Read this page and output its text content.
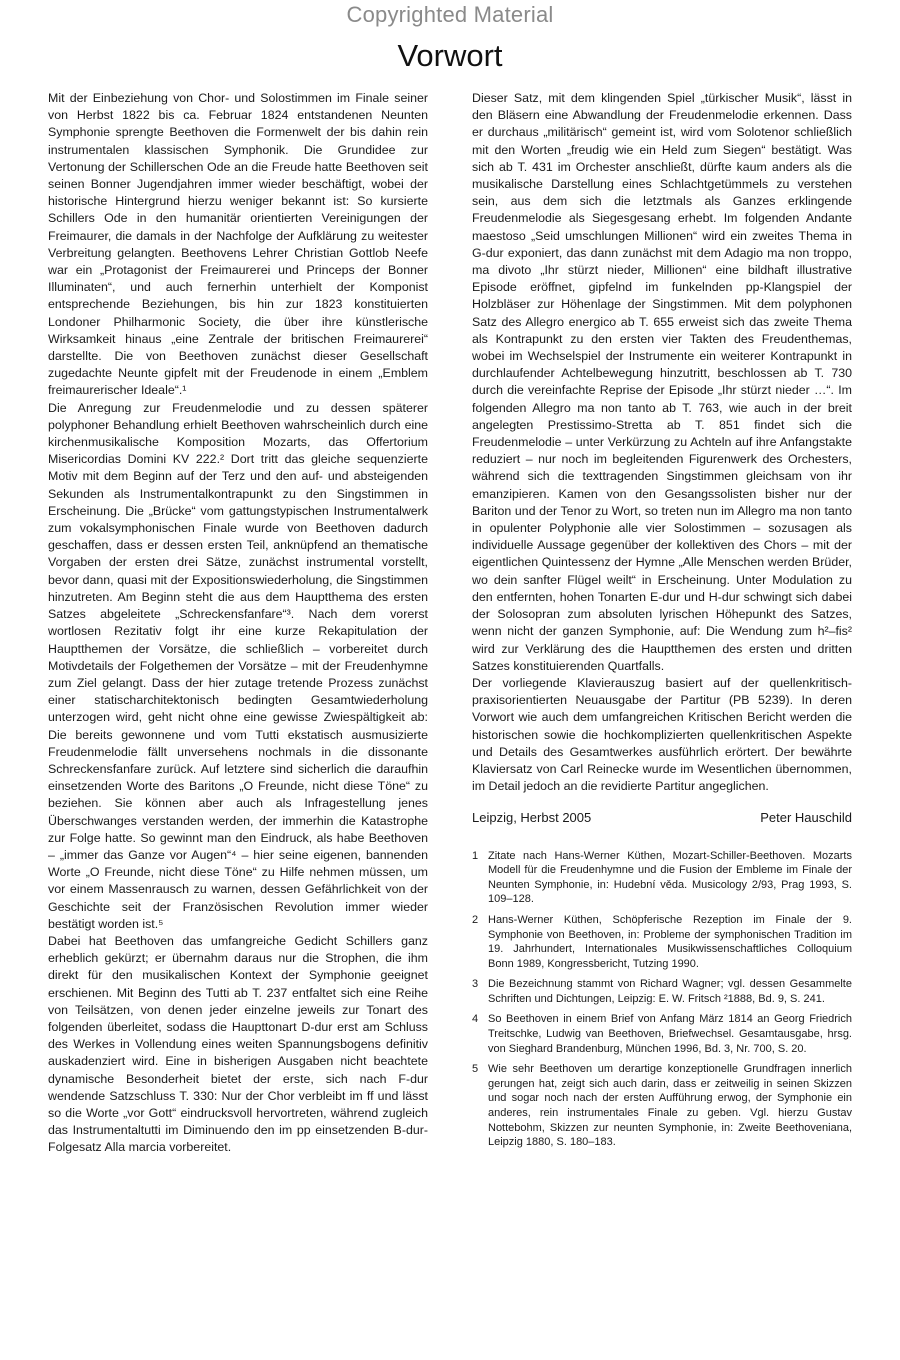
Copyrighted Material
Vorwort

Mit der Einbeziehung von Chor- und Solostimmen im Finale seiner von Herbst 1822 bis ca. Februar 1824 entstandenen Neunten Symphonie sprengte Beethoven die Formenwelt der bis dahin rein instrumentalen klassischen Symphonik. Die Grundidee zur Vertonung der Schillerschen Ode an die Freude hatte Beethoven seit seinen Bonner Jugendjahren immer wieder beschäftigt, wobei der historische Hintergrund hierzu weniger bekannt ist: So kursierte Schillers Ode in den humanitär orientierten Vereinigungen der Freimaurer, die damals in der Nachfolge der Aufklärung zu weitester Verbreitung gelangten. Beethovens Lehrer Christian Gottlob Neefe war ein „Protagonist der Freimaurerei und Princeps der Bonner Illuminaten“, und auch fernerhin unterhielt der Komponist entsprechende Beziehungen, bis hin zur 1823 konstituierten Londoner Philharmonic Society, die über ihre künstlerische Wirksamkeit hinaus „eine Zentrale der britischen Freimaurerei“ darstellte. Die von Beethoven zunächst dieser Gesellschaft zugedachte Neunte gipfelt mit der Freudenode in einem „Emblem freimaurerischer Ideale“.¹

Die Anregung zur Freudenmelodie und zu dessen späterer polyphoner Behandlung erhielt Beethoven wahrscheinlich durch eine kirchenmusikalische Komposition Mozarts, das Offertorium Misericordias Domini KV 222.² Dort tritt das gleiche sequenzierte Motiv mit dem Beginn auf der Terz und den auf- und absteigenden Sekunden als Instrumentalkontrapunkt zu den Singstimmen in Erscheinung. Die „Brücke“ vom gattungstypischen Instrumentalwerk zum vokalsymphonischen Finale wurde von Beethoven dadurch geschaffen, dass er dessen ersten Teil, anknüpfend an thematische Vorgaben der ersten drei Sätze, zunächst instrumental vorstellt, bevor dann, quasi mit der Expositionswiederholung, die Singstimmen hinzutreten. Am Beginn steht die aus dem Hauptthema des ersten Satzes abgeleitete „Schreckensfanfare“³. Nach dem vorerst wortlosen Rezitativ folgt ihr eine kurze Rekapitulation der Hauptthemen der Vorsätze, die schließlich – vorbereitet durch Motivdetails der Folgethemen der Vorsätze – mit der Freudenhymne zum Ziel gelangt. Dass der hier zutage tretende Prozess zunächst einer statischarchitektonisch bedingten Gesamtwiederholung unterzogen wird, geht nicht ohne eine gewisse Zwiespältigkeit ab: Die bereits gewonnene und vom Tutti ekstatisch ausmusizierte Freudenmelodie fällt unversehens nochmals in die dissonante Schreckensfanfare zurück. Auf letztere sind sicherlich die daraufhin einsetzenden Worte des Baritons „O Freunde, nicht diese Töne“ zu beziehen. Sie können aber auch als Infragestellung jenes Überschwanges verstanden werden, der immerhin die Katastrophe zur Folge hatte. So gewinnt man den Eindruck, als habe Beethoven – „immer das Ganze vor Augen“⁴ – hier seine eigenen, bannenden Worte „O Freunde, nicht diese Töne“ zu Hilfe nehmen müssen, um vor einem Massenrausch zu warnen, dessen Gefährlichkeit von der Geschichte seit der Französischen Revolution immer wieder bestätigt worden ist.⁵

Dabei hat Beethoven das umfangreiche Gedicht Schillers ganz erheblich gekürzt; er übernahm daraus nur die Strophen, die ihm direkt für den musikalischen Kontext der Symphonie geeignet erschienen. Mit Beginn des Tutti ab T. 237 entfaltet sich eine Reihe von Teilsätzen, von denen jeder einzelne jeweils zur Tonart des folgenden überleitet, sodass die Haupttonart D-dur erst am Schluss des Werkes in Vollendung eines weiten Spannungsbogens definitiv auskadenziert wird. Eine in bisherigen Ausgaben nicht beachtete dynamische Besonderheit bietet der erste, sich nach F-dur wendende Satzschluss T. 330: Nur der Chor verbleibt im ff und lässt so die Worte „vor Gott“ eindrucksvoll hervortreten, während zugleich das Instrumentaltutti im Diminuendo den im pp einsetzenden B-dur-Folgesatz Alla marcia vorbereitet.

Dieser Satz, mit dem klingenden Spiel „türkischer Musik“, lässt in den Bläsern eine Abwandlung der Freudenmelodie erkennen. Dass er durchaus „militärisch“ gemeint ist, wird vom Solotenor schließlich mit den Worten „freudig wie ein Held zum Siegen“ bestätigt. Was sich ab T. 431 im Orchester anschließt, dürfte kaum anders als die musikalische Darstellung eines Schlachtgetümmels zu verstehen sein, aus dem sich die letztmals als Ganzes erklingende Freudenmelodie als Siegesgesang erhebt. Im folgenden Andante maestoso „Seid umschlungen Millionen“ wird ein zweites Thema in G-dur exponiert, das dann zunächst mit dem Adagio ma non troppo, ma divoto „Ihr stürzt nieder, Millionen“ eine bildhaft illustrative Episode eröffnet, gipfelnd im funkelnden pp-Klangspiel der Holzbläser zur Höhenlage der Singstimmen. Mit dem polyphonen Satz des Allegro energico ab T. 655 erweist sich das zweite Thema als Kontrapunkt zu den ersten vier Takten des Freudenthemas, wobei im Wechselspiel der Instrumente ein weiterer Kontrapunkt in durchlaufender Achtelbewegung hinzutritt, beschlossen ab T. 730 durch die vereinfachte Reprise der Episode „Ihr stürzt nieder …“. Im folgenden Allegro ma non tanto ab T. 763, wie auch in der breit angelegten Prestissimo-Stretta ab T. 851 findet sich die Freudenmelodie – unter Verkürzung zu Achteln auf ihre Anfangstakte reduziert – nur noch im begleitenden Figurenwerk des Orchesters, während sich die texttragenden Singstimmen gleichsam von ihr emanzipieren. Kamen von den Gesangssolisten bisher nur der Bariton und der Tenor zu Wort, so treten nun im Allegro ma non tanto in opulenter Polyphonie alle vier Solostimmen – sozusagen als individuelle Aussage gegenüber der kollektiven des Chors – mit der eigentlichen Quintessenz der Hymne „Alle Menschen werden Brüder, wo dein sanfter Flügel weilt“ in Erscheinung. Unter Modulation zu den entfernten, hohen Tonarten E-dur und H-dur schwingt sich dabei der Solosopran zum absoluten lyrischen Höhepunkt des Satzes, wenn nicht der ganzen Symphonie, auf: Die Wendung zum h²–fis² wird zur Verklärung des die Hauptthemen des ersten und dritten Satzes konstituierenden Quartfalls.

Der vorliegende Klavierauszug basiert auf der quellenkritisch-praxisorientierten Neuausgabe der Partitur (PB 5239). In deren Vorwort wie auch dem umfangreichen Kritischen Bericht werden die historischen sowie die hochkomplizierten quellenkritischen Aspekte und Details des Gesamtwerkes ausführlich erörtert. Der bewährte Klaviersatz von Carl Reinecke wurde im Wesentlichen übernommen, im Detail jedoch an die revidierte Partitur angeglichen.

Leipzig, Herbst 2005	Peter Hauschild
1 Zitate nach Hans-Werner Küthen, Mozart-Schiller-Beethoven. Mozarts Modell für die Freudenhymne und die Fusion der Embleme im Finale der Neunten Symphonie, in: Hudební věda. Musicology 2/93, Prag 1993, S. 109–128.
2 Hans-Werner Küthen, Schöpferische Rezeption im Finale der 9. Symphonie von Beethoven, in: Probleme der symphonischen Tradition im 19. Jahrhundert, Internationales Musikwissenschaftliches Colloquium Bonn 1989, Kongressbericht, Tutzing 1990.
3 Die Bezeichnung stammt von Richard Wagner; vgl. dessen Gesammelte Schriften und Dichtungen, Leipzig: E. W. Fritsch ²1888, Bd. 9, S. 241.
4 So Beethoven in einem Brief von Anfang März 1814 an Georg Friedrich Treitschke, Ludwig van Beethoven, Briefwechsel. Gesamtausgabe, hrsg. von Sieghard Brandenburg, München 1996, Bd. 3, Nr. 700, S. 20.
5 Wie sehr Beethoven um derartige konzeptionelle Grundfragen innerlich gerungen hat, zeigt sich auch darin, dass er zeitweilig in seinen Skizzen und sogar noch nach der ersten Aufführung erwog, der Symphonie ein anderes, rein instrumentales Finale zu geben. Vgl. hierzu Gustav Nottebohm, Skizzen zur neunten Symphonie, in: Zweite Beethoveniana, Leipzig 1880, S. 180–183.
